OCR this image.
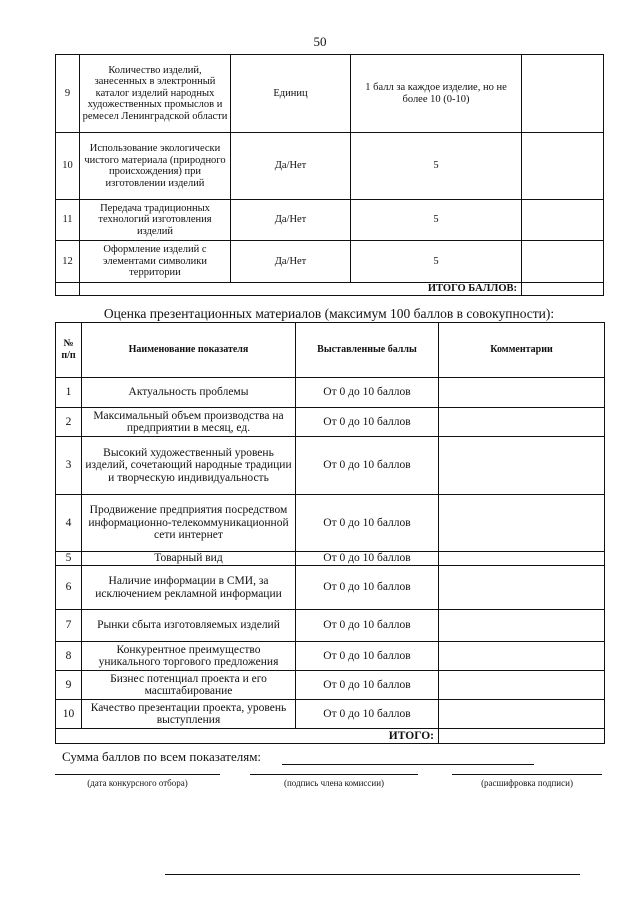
50
9	Количество изделий, занесенных в электронный каталог изделий народных художественных промыслов и ремесел Ленинградской области	Единиц	1 балл за каждое изделие, но не более 10 (0-10)	
10	Использование экологически чистого материала (природного происхождения) при изготовлении изделий	Да/Нет	5	
11	Передача традиционных технологий изготовления изделий	Да/Нет	5	
12	Оформление изделий с элементами символики территории	Да/Нет	5	
	ИТОГО БАЛЛОВ:			
Оценка презентационных материалов (максимум 100 баллов в совокупности):
№ п/п	Наименование показателя	Выставленные баллы	Комментарии
1	Актуальность проблемы	От 0 до 10 баллов	
2	Максимальный объем производства на предприятии в месяц, ед.	От 0 до 10 баллов	
3	Высокий художественный уровень изделий, сочетающий народные традиции и творческую индивидуальность	От 0 до 10 баллов	
4	Продвижение предприятия посредством информационно-телекоммуникационной сети интернет	От 0 до 10 баллов	
5	Товарный вид	От 0 до 10 баллов	
6	Наличие информации в СМИ, за исключением рекламной информации	От 0 до 10 баллов	
7	Рынки сбыта изготовляемых изделий	От 0 до 10 баллов	
8	Конкурентное преимущество уникального торгового предложения	От 0 до 10 баллов	
9	Бизнес потенциал проекта и его масштабирование	От 0 до 10 баллов	
10	Качество презентации проекта, уровень выступления	От 0 до 10 баллов	
ИТОГО:			
Сумма баллов по всем показателям:
(дата конкурсного отбора)	(подпись члена комиссии)	(расшифровка подписи)
